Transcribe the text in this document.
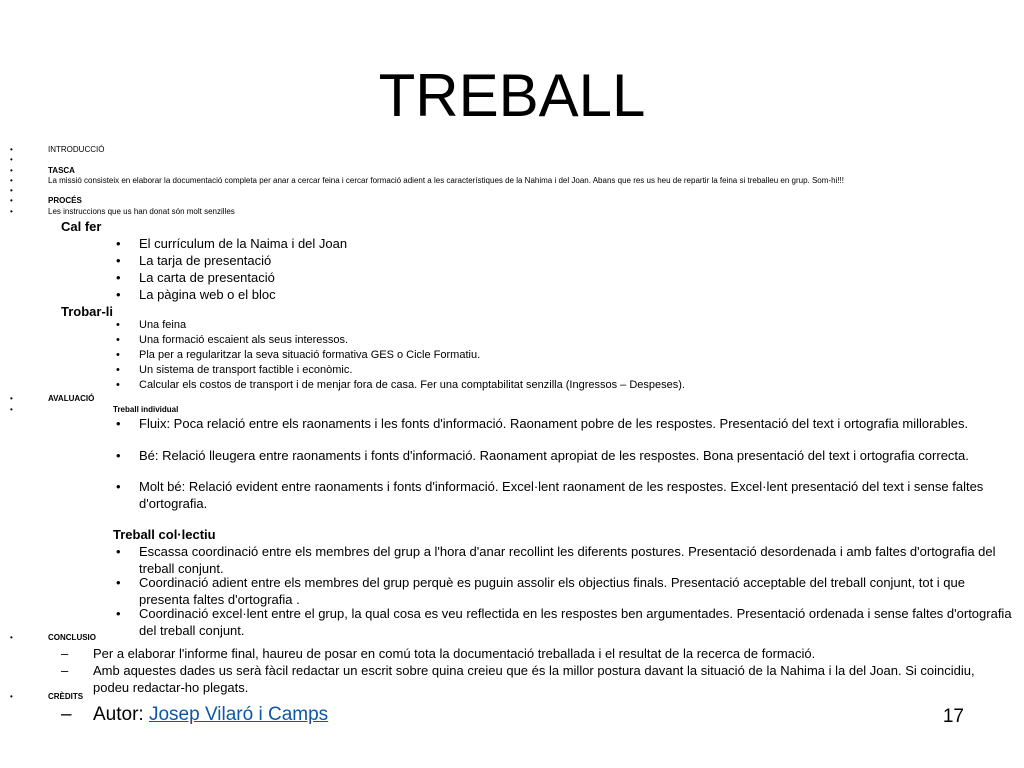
TREBALL
•	INTRODUCCIÓ
•
•	TASCA
•	La missió consisteix en elaborar la documentació completa per anar a cercar feina i cercar formació adient a les característiques de la Nahima i del Joan. Abans que res us heu de repartir la feina si treballeu en grup. Som-hi!!!
•
•	PROCÉS
•	Les instruccions que us han donat són molt senzilles
Cal fer
• El currículum de la Naima i del Joan
• La tarja de presentació
• La carta de presentació
• La pàgina web o el bloc
Trobar-li
• Una feina
• Una formació escaient als seus interessos.
• Pla per a regularitzar la seva situació formativa GES o Cicle Formatiu.
• Un sistema de transport factible i econòmic.
• Calcular els costos de transport i de menjar fora de casa. Fer una comptabilitat senzilla (Ingressos – Despeses).
•	AVALUACIÓ
•	Treball individual
• Fluix: Poca relació entre els raonaments i les fonts d'informació. Raonament pobre de les respostes. Presentació del text i ortografia millorables.
• Bé: Relació lleugera entre raonaments i fonts d'informació. Raonament apropiat de les respostes. Bona presentació del text i ortografia correcta.
• Molt bé: Relació evident entre raonaments i fonts d'informació. Excel·lent raonament de les respostes. Excel·lent presentació del text i sense faltes d'ortografia.
Treball col·lectiu
• Escassa coordinació entre els membres del grup a l'hora d'anar recollint les diferents postures. Presentació desordenada i amb faltes d'ortografia del treball conjunt.
• Coordinació adient entre els membres del grup perquè es puguin assolir els objectius finals. Presentació acceptable del treball conjunt, tot i que presenta faltes d'ortografia .
• Coordinació excel·lent entre el grup, la qual cosa es veu reflectida en les respostes ben argumentades. Presentació ordenada i sense faltes d'ortografia del treball conjunt.
•	CONCLUSIO
– Per a elaborar l'informe final, haureu de posar en comú tota la documentació treballada i el resultat de la recerca de formació.
– Amb aquestes dades us serà fàcil redactar un escrit sobre quina creieu que és la millor postura davant la situació de la Nahima i la del Joan. Si coincidiu, podeu redactar-ho plegats.
•	CRÈDITS
– Autor: Josep Vilaró i Camps	17
